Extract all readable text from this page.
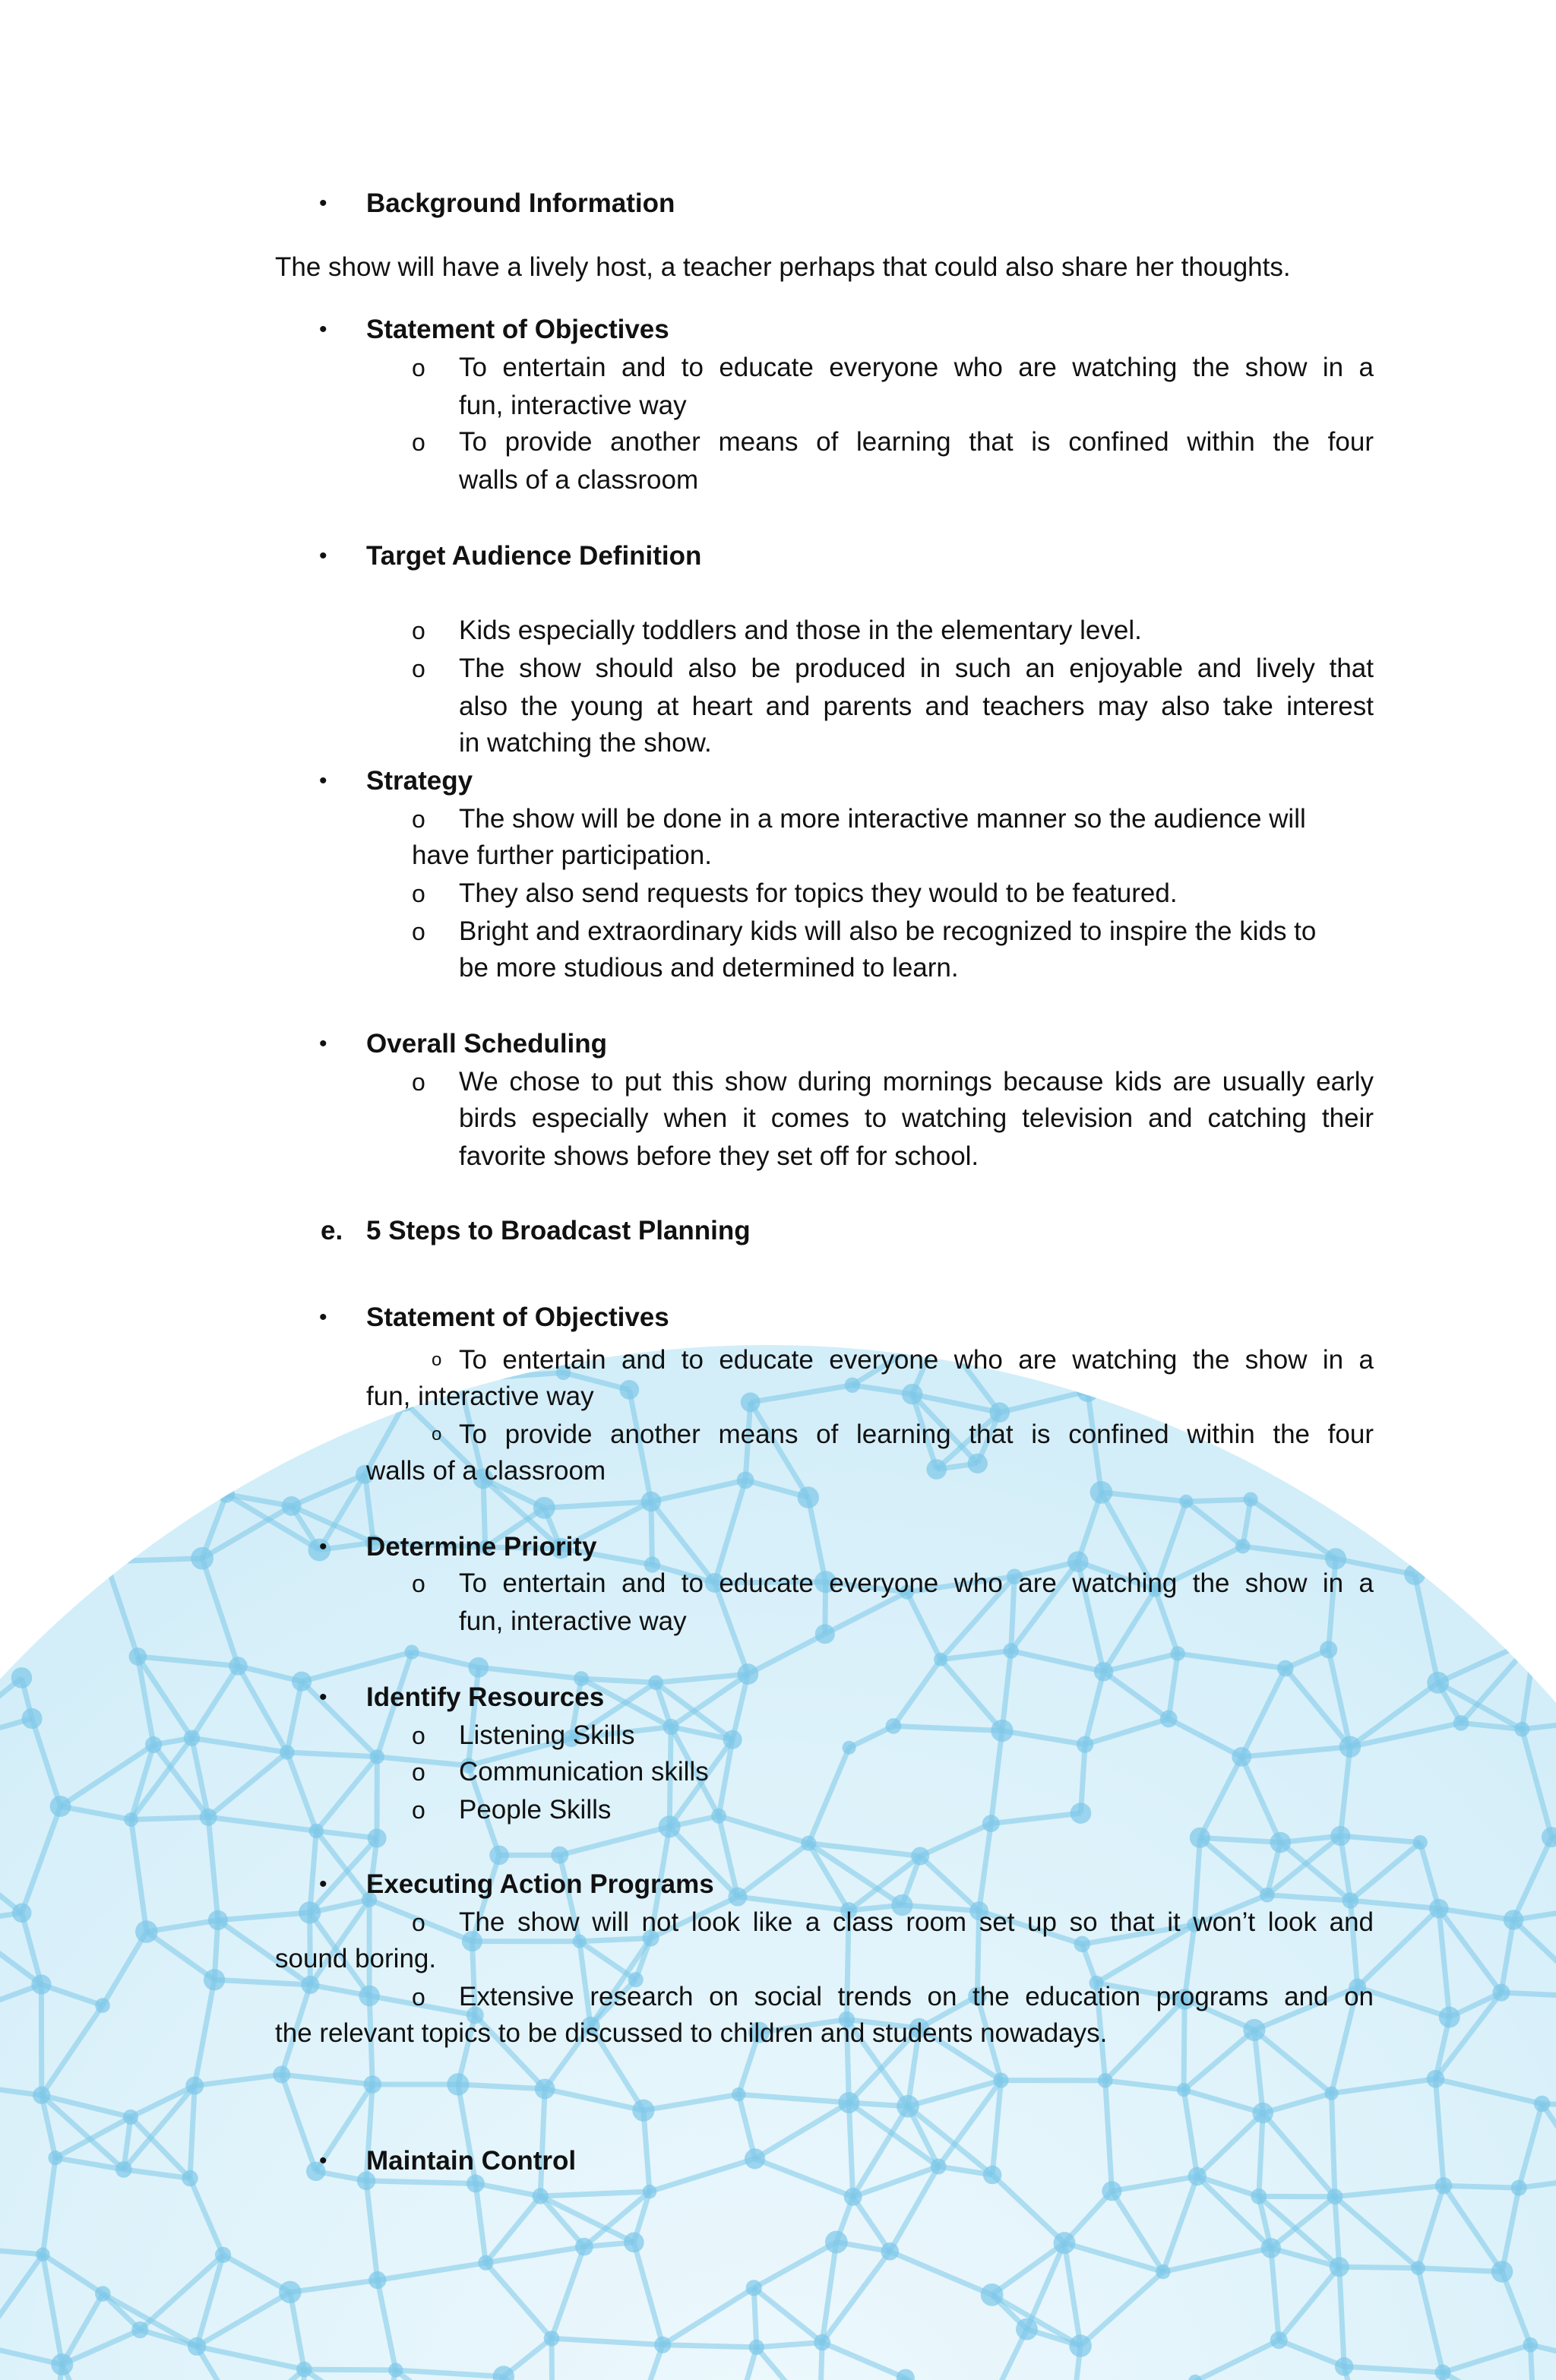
• Background Information
The show will have a lively host, a teacher perhaps that could also share her thoughts.
• Statement of Objectives
o To entertain and to educate everyone who are watching the show in a
fun, interactive way
o To provide another means of learning that is confined within the four
walls of a classroom
• Target Audience Definition
o Kids especially toddlers and those in the elementary level.
o The show should also be produced in such an enjoyable and lively that
also the young at heart and parents and teachers may also take interest
in watching the show.
• Strategy
o The show will be done in a more interactive manner so the audience will
have further participation.
o They also send requests for topics they would to be featured.
o Bright and extraordinary kids will also be recognized to inspire the kids to
be more studious and determined to learn.
• Overall Scheduling
o We chose to put this show during mornings because kids are usually early
birds especially when it comes to watching television and catching their
favorite shows before they set off for school.
e. 5 Steps to Broadcast Planning
• Statement of Objectives
o To entertain and to educate everyone who are watching the show in a
fun, interactive way
o To provide another means of learning that is confined within the four
walls of a classroom
• Determine Priority
o To entertain and to educate everyone who are watching the show in a
fun, interactive way
• Identify Resources
o Listening Skills
o Communication skills
o People Skills
• Executing Action Programs
o The show will not look like a class room set up so that it won’t look and
sound boring.
o Extensive research on social trends on the education programs and on
the relevant topics to be discussed to children and students nowadays.
• Maintain Control
